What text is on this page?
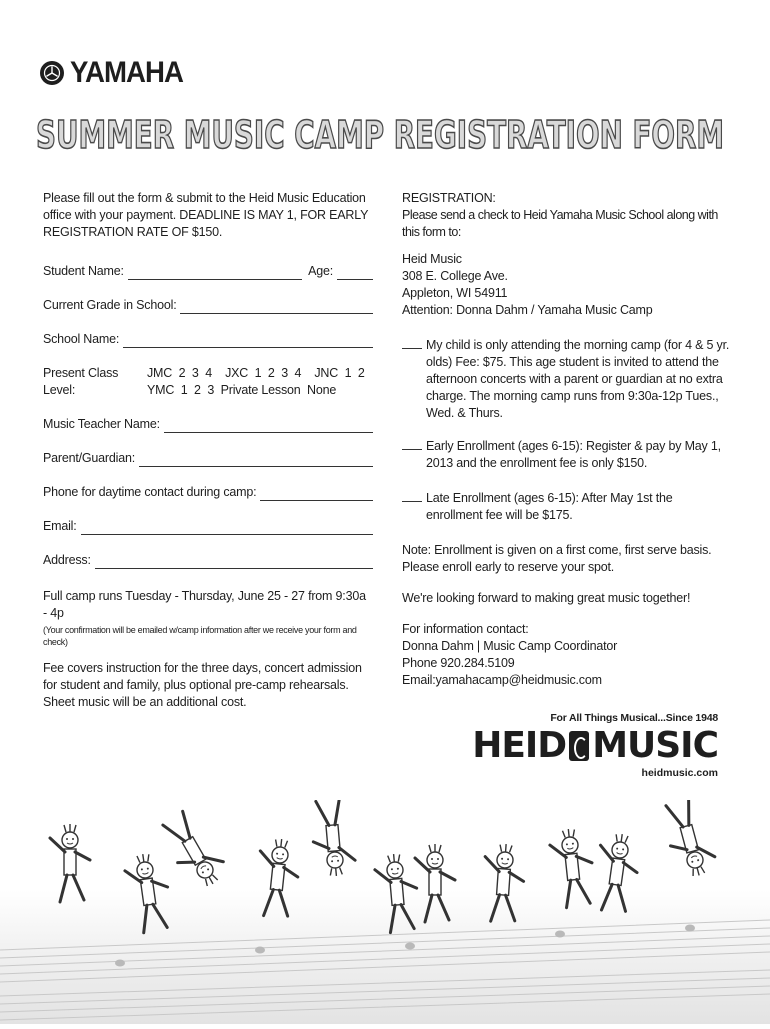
YAMAHA
SUMMER MUSIC CAMP REGISTRATION FORM
Please fill out the form & submit to the Heid Music Education office with your payment. DEADLINE IS MAY 1, FOR EARLY REGISTRATION RATE OF $150.
Student Name:	Age:
Current Grade in School:
School Name:
Present Class Level:
JMC  2  3  4    JXC  1  2  3  4    JNC  1  2
YMC  1  2  3  Private Lesson  None
Music Teacher Name:
Parent/Guardian:
Phone for daytime contact during camp:
Email:
Address:
Full camp runs Tuesday - Thursday, June 25 - 27 from 9:30a - 4p
(Your confirmation will be emailed w/camp information after we receive your form and check)
Fee covers instruction for the three days, concert admission for student and family, plus optional pre-camp rehearsals. Sheet music will be an additional cost.
REGISTRATION:
Please send a check to Heid Yamaha Music School along with this form to:
Heid Music
308 E. College Ave.
Appleton, WI 54911
Attention: Donna Dahm / Yamaha Music Camp
My child is only attending the morning camp (for 4 & 5 yr. olds) Fee: $75. This age student is invited to attend the afternoon concerts with a parent or guardian at no extra charge. The morning camp runs from 9:30a-12p Tues., Wed. & Thurs.
Early Enrollment (ages 6-15): Register & pay by May 1, 2013 and the enrollment fee is only $150.
Late Enrollment (ages 6-15): After May 1st the enrollment fee will be $175.
Note: Enrollment is given on a first come, first serve basis.
Please enroll early to reserve your spot.
We're looking forward to making great music together!
For information contact:
Donna Dahm | Music Camp Coordinator
Phone 920.284.5109
Email:yamahacamp@heidmusic.com
For All Things Musical...Since 1948
HEID MUSIC
heidmusic.com
